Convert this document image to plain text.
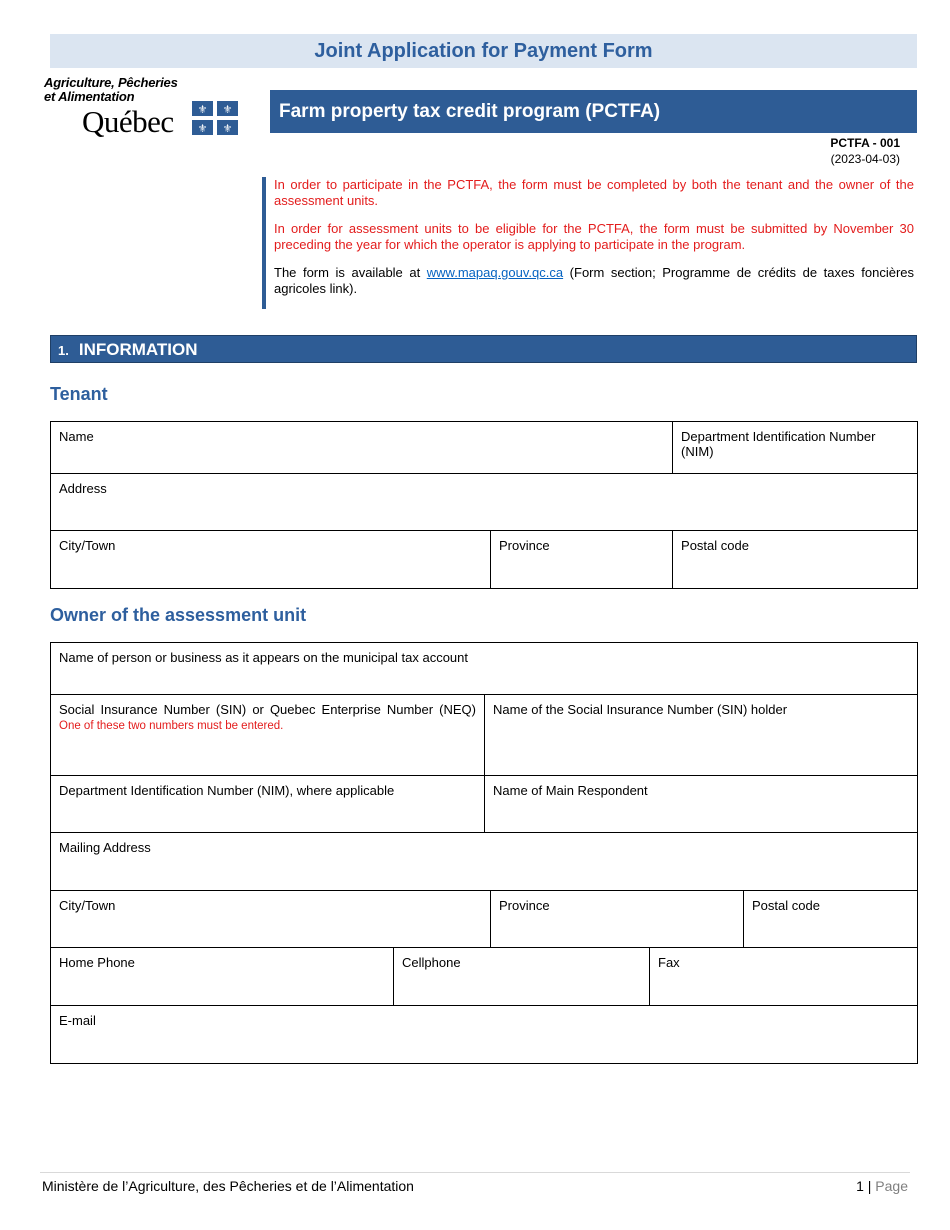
Joint Application for Payment Form
Agriculture, Pêcheries
et Alimentation
Québec ⚜ ⚜
⚜ ⚜
Farm property tax credit program (PCTFA)
PCTFA - 001
(2023-04-03)

In order to participate in the PCTFA, the form must be completed by both the tenant and the owner of the assessment units.

In order for assessment units to be eligible for the PCTFA, the form must be submitted by November 30 preceding the year for which the operator is applying to participate in the program.

The form is available at www.mapaq.gouv.qc.ca (Form section; Programme de crédits de taxes foncières agricoles link).

1. INFORMATION
Tenant
Name		Department Identification Number (NIM)
Address		
City/Town	Province	Postal code
Owner of the assessment unit
Name of person or business as it appears on the municipal tax account			
Social Insurance Number (SIN) or Quebec Enterprise Number (NEQ) One of these two numbers must be entered.	Name of the Social Insurance Number (SIN) holder		
Department Identification Number (NIM), where applicable	Name of Main Respondent		
Mailing Address			
City/Town		Province	Postal code
Home Phone	Cellphone	Fax
E-mail
Ministère de l’Agriculture, des Pêcheries et de l’Alimentation	1 | Page
